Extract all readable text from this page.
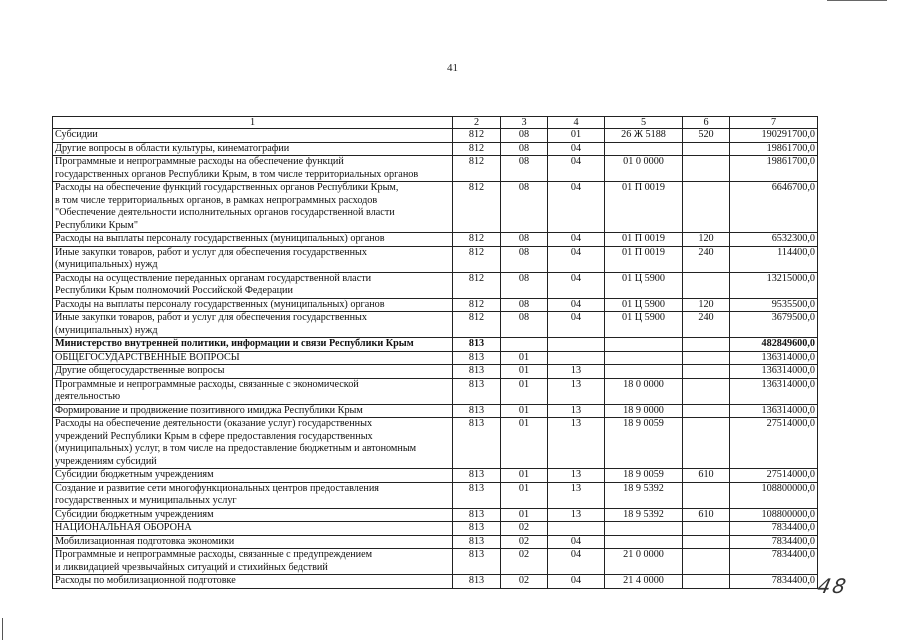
41
1	2	3	4	5	6	7
Субсидии	812	08	01	26 Ж 5188	520	190291700,0
Другие вопросы в области культуры, кинематографии	812	08	04			19861700,0
Программные и непрограммные расходы на обеспечение функций
государственных органов Республики Крым, в том числе территориальных органов	812	08	04	01 0 0000		19861700,0
Расходы на обеспечение функций государственных органов Республики Крым,
в том числе территориальных органов, в рамках непрограммных расходов
"Обеспечение деятельности исполнительных органов государственной власти
Республики Крым"	812	08	04	01 П 0019		6646700,0
Расходы на выплаты персоналу государственных (муниципальных) органов	812	08	04	01 П 0019	120	6532300,0
Иные закупки товаров, работ и услуг для обеспечения государственных
(муниципальных) нужд	812	08	04	01 П 0019	240	114400,0
Расходы на осуществление переданных органам государственной власти
Республики Крым полномочий Российской Федерации	812	08	04	01 Ц 5900		13215000,0
Расходы на выплаты персоналу государственных (муниципальных) органов	812	08	04	01 Ц 5900	120	9535500,0
Иные закупки товаров, работ и услуг для обеспечения государственных
(муниципальных) нужд	812	08	04	01 Ц 5900	240	3679500,0
Министерство внутренней политики, информации и связи Республики Крым	813					482849600,0
ОБЩЕГОСУДАРСТВЕННЫЕ ВОПРОСЫ	813	01				136314000,0
Другие общегосударственные вопросы	813	01	13			136314000,0
Программные и непрограммные расходы, связанные с экономической
деятельностью	813	01	13	18 0 0000		136314000,0
Формирование и продвижение позитивного имиджа Республики Крым	813	01	13	18 9 0000		136314000,0
Расходы на обеспечение деятельности (оказание услуг) государственных
учреждений Республики Крым в сфере предоставления государственных
(муниципальных) услуг, в том числе на предоставление бюджетным и автономным
учреждениям субсидий	813	01	13	18 9 0059		27514000,0
Субсидии бюджетным учреждениям	813	01	13	18 9 0059	610	27514000,0
Создание и развитие сети многофункциональных центров предоставления
государственных и муниципальных услуг	813	01	13	18 9 5392		108800000,0
Субсидии бюджетным учреждениям	813	01	13	18 9 5392	610	108800000,0
НАЦИОНАЛЬНАЯ ОБОРОНА	813	02				7834400,0
Мобилизационная подготовка экономики	813	02	04			7834400,0
Программные и непрограммные расходы, связанные с предупреждением
и ликвидацией чрезвычайных ситуаций и стихийных бедствий	813	02	04	21 0 0000		7834400,0
Расходы по мобилизационной подготовке	813	02	04	21 4 0000		7834400,0 48
